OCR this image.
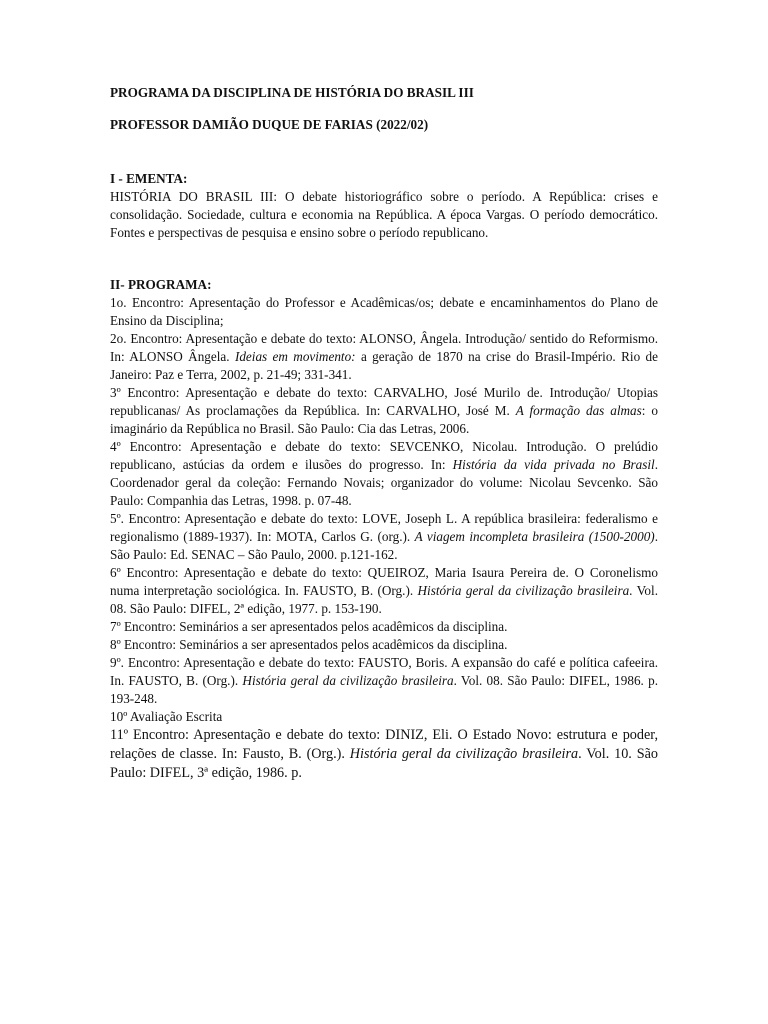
PROGRAMA DA DISCIPLINA DE HISTÓRIA DO BRASIL III

PROFESSOR DAMIÃO DUQUE DE FARIAS (2022/02)

I - EMENTA:

HISTÓRIA DO BRASIL III: O debate historiográfico sobre o período. A República: crises e consolidação. Sociedade, cultura e economia na República. A época Vargas. O período democrático. Fontes e perspectivas de pesquisa e ensino sobre o período republicano.

II- PROGRAMA:

1o. Encontro: Apresentação do Professor e Acadêmicas/os; debate e encaminhamentos do Plano de Ensino da Disciplina;

2o. Encontro: Apresentação e debate do texto: ALONSO, Ângela. Introdução/ sentido do Reformismo. In: ALONSO Ângela. Ideias em movimento: a geração de 1870 na crise do Brasil-Império. Rio de Janeiro: Paz e Terra, 2002, p. 21-49; 331-341.

3º Encontro: Apresentação e debate do texto: CARVALHO, José Murilo de. Introdução/ Utopias republicanas/ As proclamações da República. In: CARVALHO, José M. A formação das almas: o imaginário da República no Brasil. São Paulo: Cia das Letras, 2006.

4º Encontro: Apresentação e debate do texto: SEVCENKO, Nicolau. Introdução. O prelúdio republicano, astúcias da ordem e ilusões do progresso. In: História da vida privada no Brasil. Coordenador geral da coleção: Fernando Novais; organizador do volume: Nicolau Sevcenko. São Paulo: Companhia das Letras, 1998. p. 07-48.

5º. Encontro: Apresentação e debate do texto: LOVE, Joseph L. A república brasileira: federalismo e regionalismo (1889-1937). In: MOTA, Carlos G. (org.). A viagem incompleta brasileira (1500-2000). São Paulo: Ed. SENAC – São Paulo, 2000. p.121-162.

6º Encontro: Apresentação e debate do texto: QUEIROZ, Maria Isaura Pereira de. O Coronelismo numa interpretação sociológica. In. FAUSTO, B. (Org.). História geral da civilização brasileira. Vol. 08. São Paulo: DIFEL, 2ª edição, 1977. p. 153-190.

7º Encontro: Seminários a ser apresentados pelos acadêmicos da disciplina.

8º Encontro: Seminários a ser apresentados pelos acadêmicos da disciplina.

9º. Encontro: Apresentação e debate do texto: FAUSTO, Boris. A expansão do café e política cafeeira. In. FAUSTO, B. (Org.). História geral da civilização brasileira. Vol. 08. São Paulo: DIFEL, 1986. p. 193-248.

10º Avaliação Escrita

11º Encontro: Apresentação e debate do texto: DINIZ, Eli. O Estado Novo: estrutura e poder, relações de classe. In: Fausto, B. (Org.). História geral da civilização brasileira. Vol. 10. São Paulo: DIFEL, 3ª edição, 1986. p.
